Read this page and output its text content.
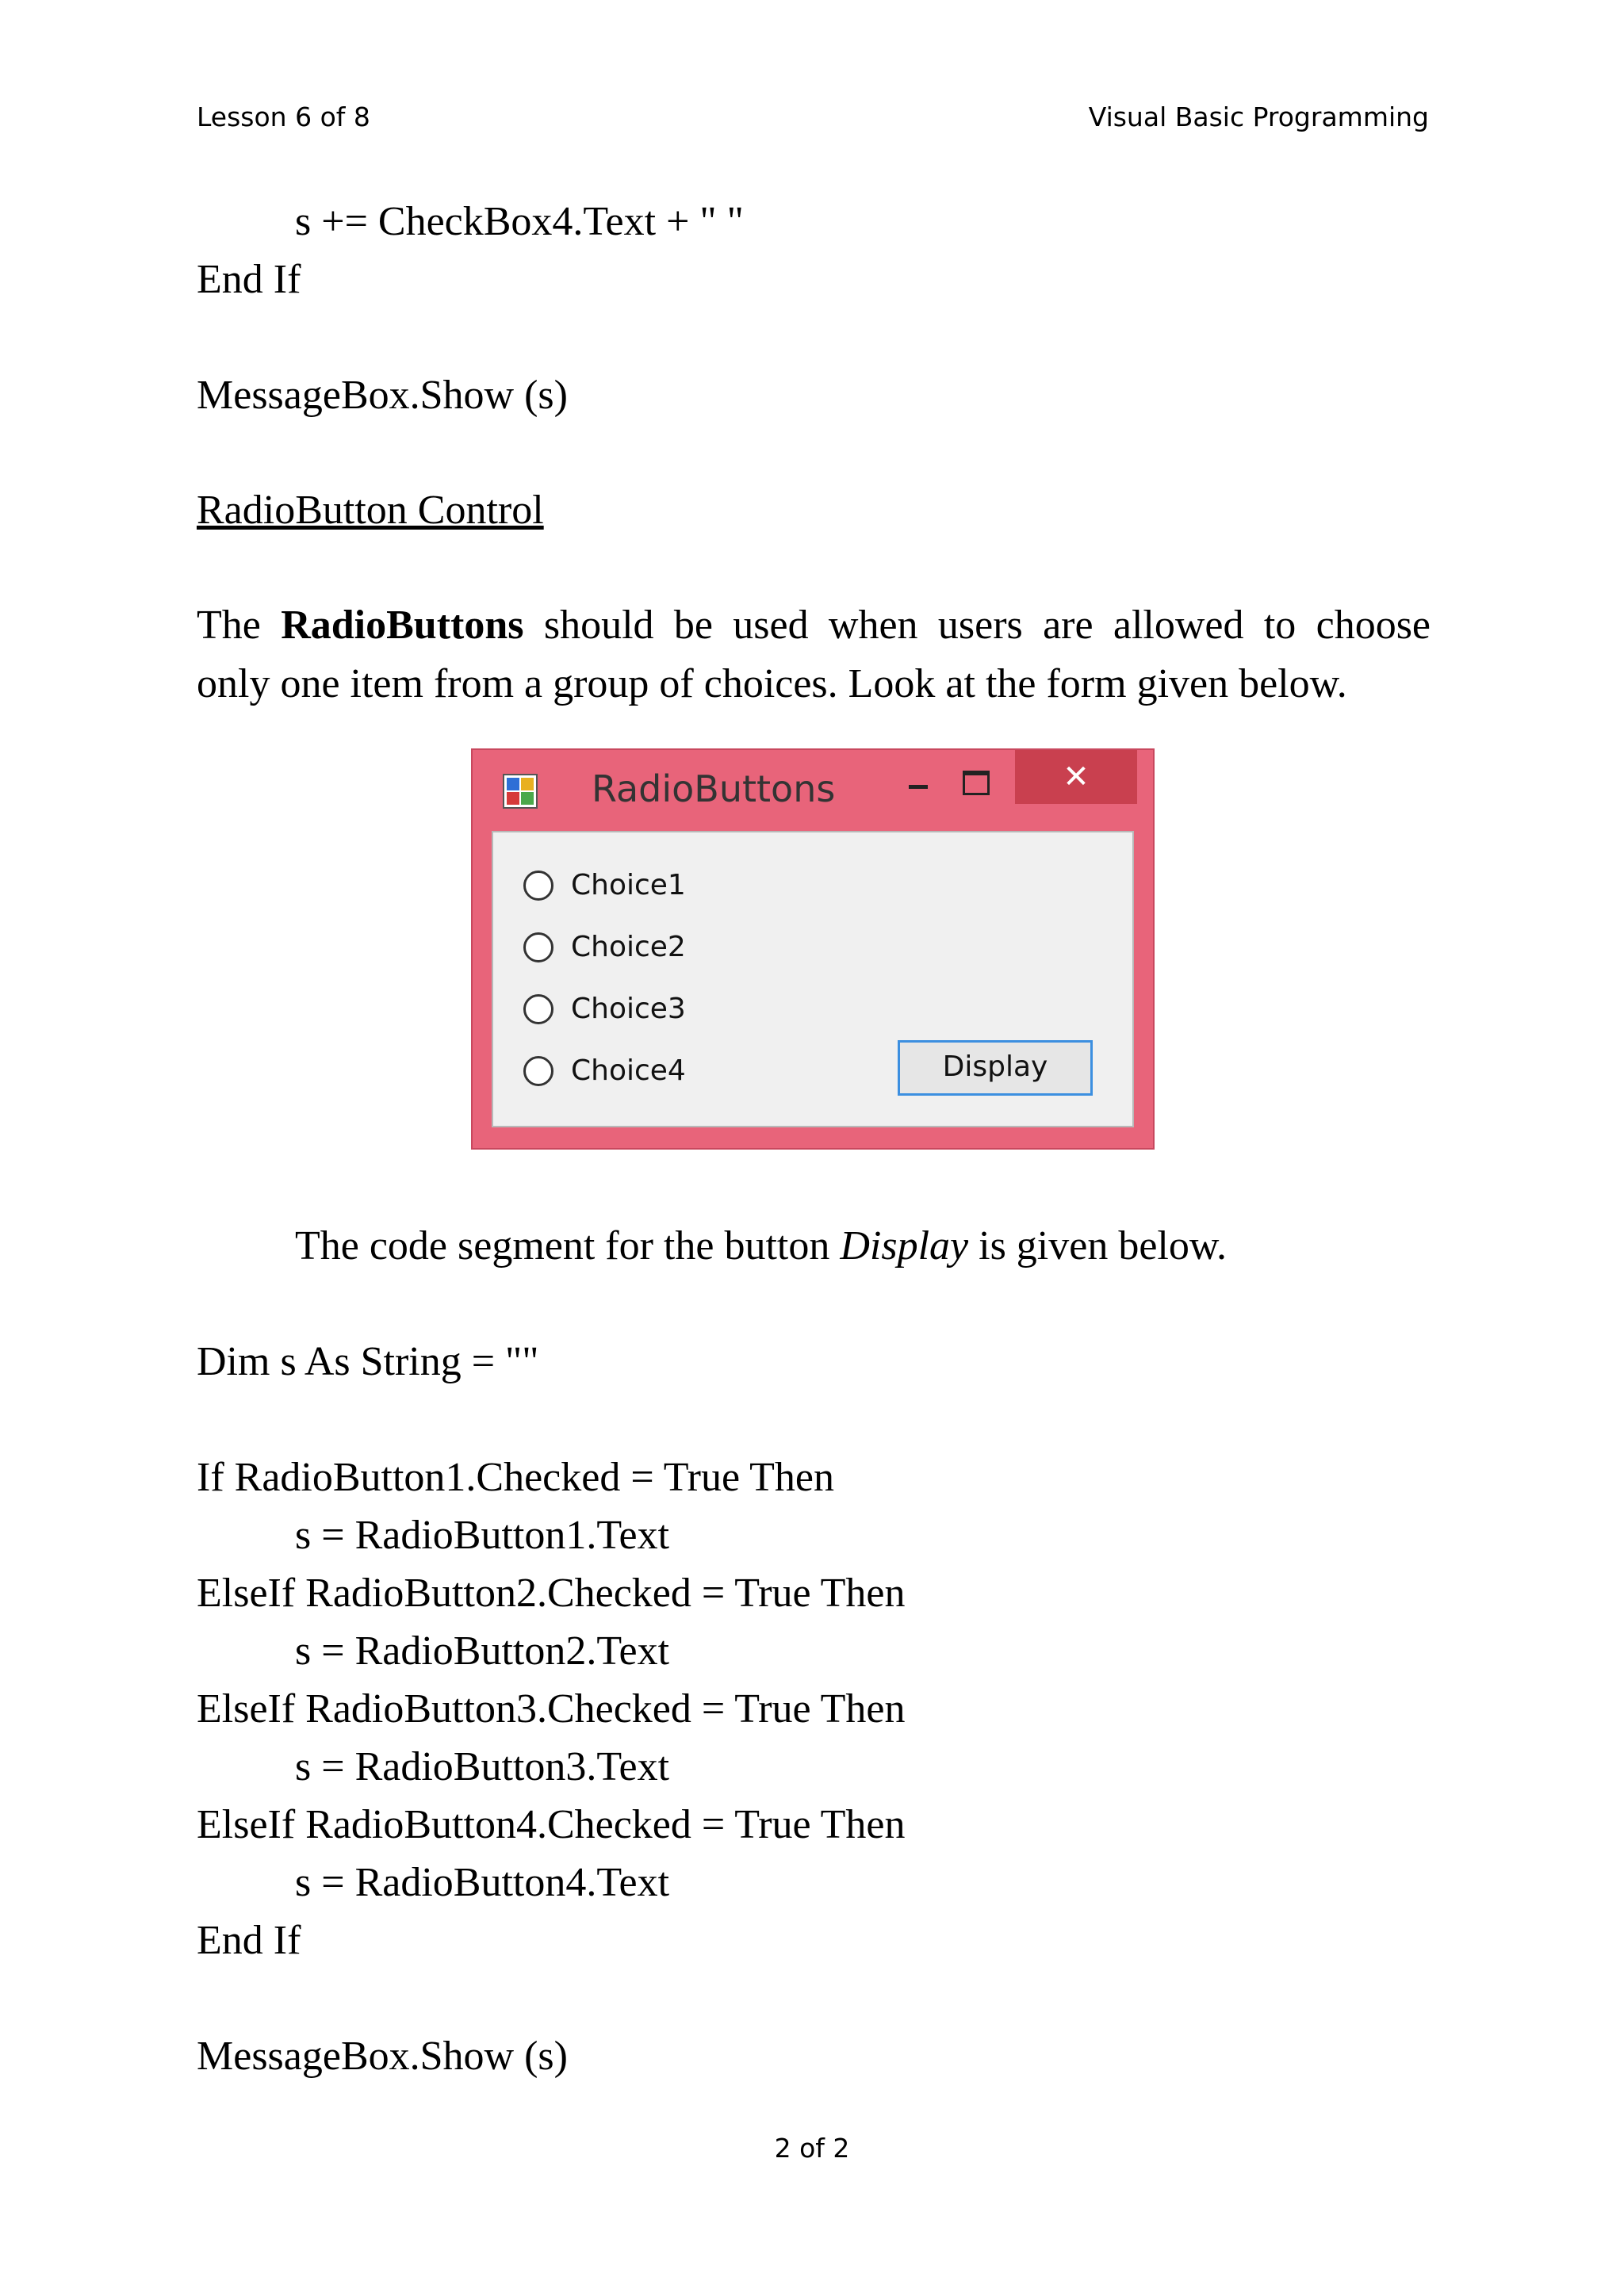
Lesson 6 of 8	Visual Basic Programming
s += CheckBox4.Text + " "
End If
MessageBox.Show (s)
RadioButton Control
The RadioButtons should be used when users are allowed to choose
only one item from a group of choices. Look at the form given below.
RadioButtons	✕
Choice1
Choice2
Choice3
Choice4	Display
The code segment for the button Display is given below.
Dim s As String = ""
If RadioButton1.Checked = True Then
s = RadioButton1.Text
ElseIf RadioButton2.Checked = True Then
s = RadioButton2.Text
ElseIf RadioButton3.Checked = True Then
s = RadioButton3.Text
ElseIf RadioButton4.Checked = True Then
s = RadioButton4.Text
End If
MessageBox.Show (s)
2 of 2
